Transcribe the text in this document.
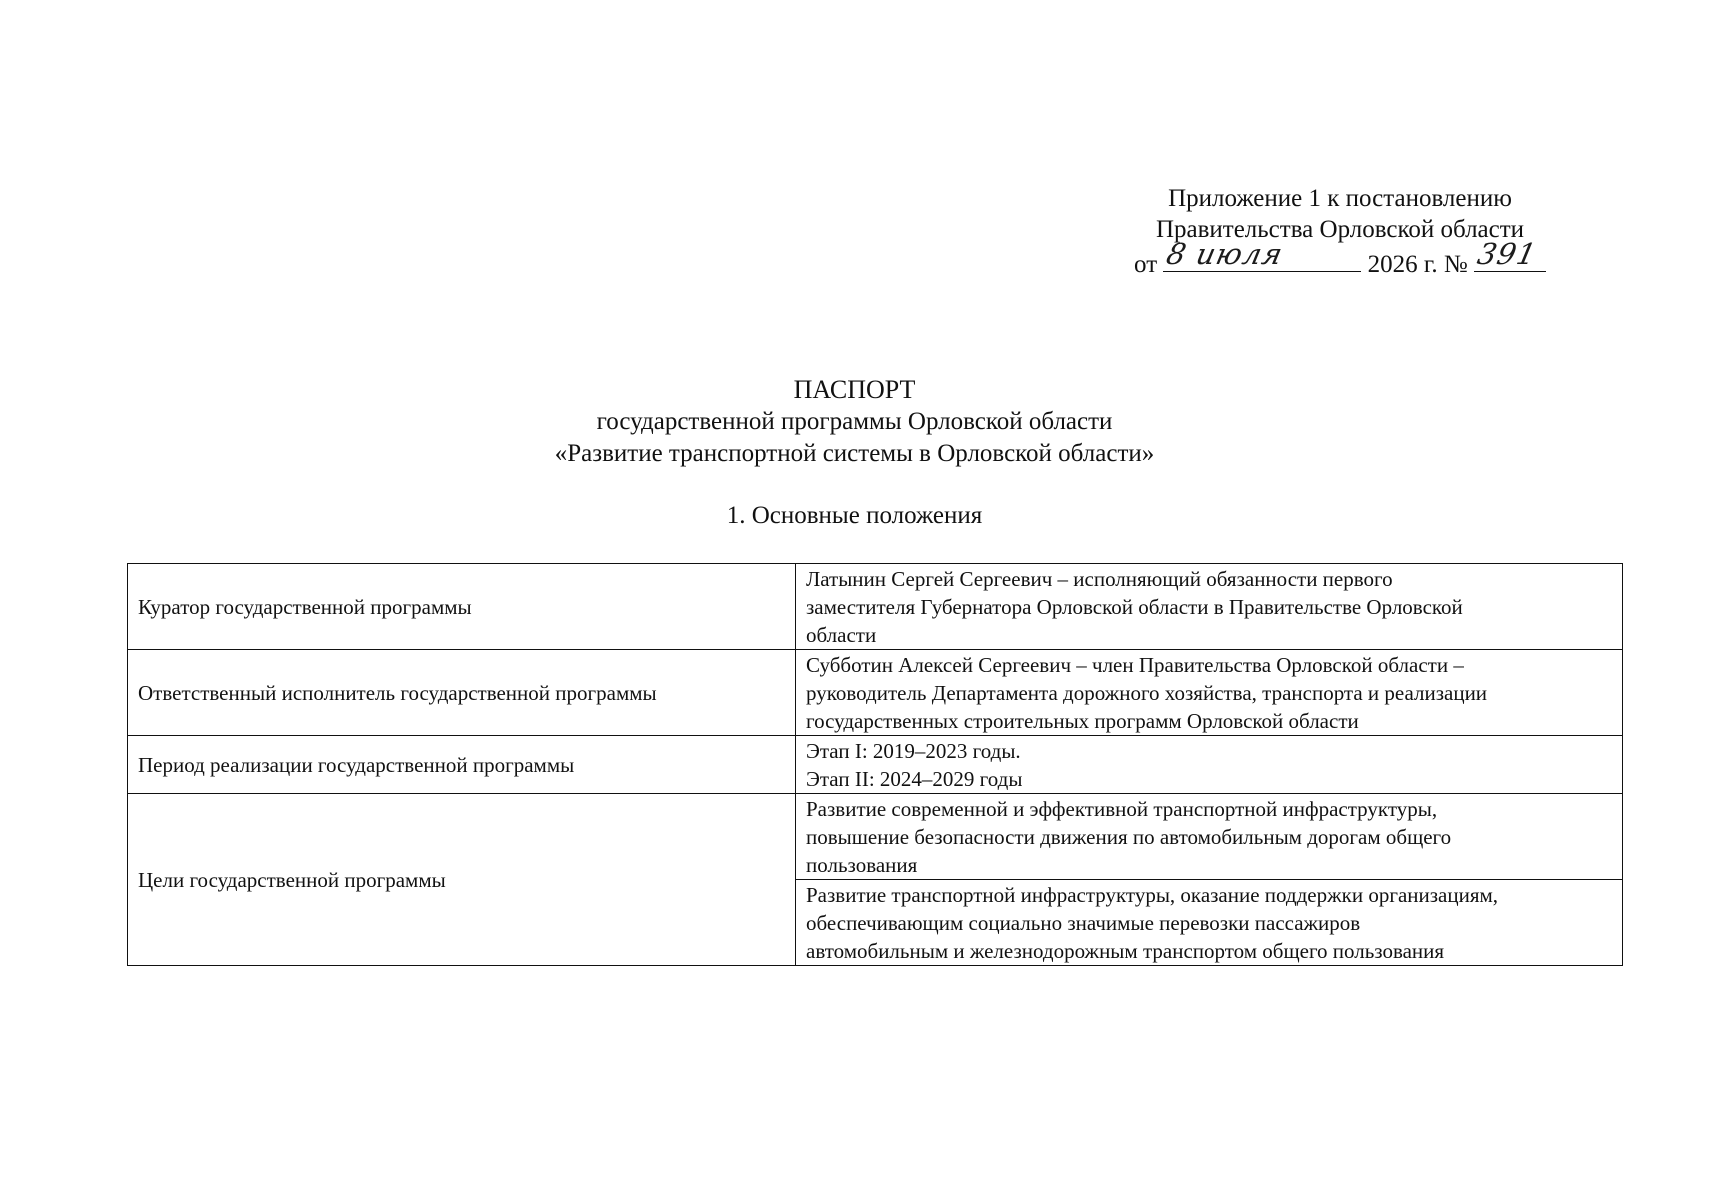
Приложение 1 к постановлению
Правительства Орловской области
от 8 июля	2026 г. № 391
ПАСПОРТ
государственной программы Орловской области
«Развитие транспортной системы в Орловской области»
1. Основные положения
Куратор государственной программы	Латынин Сергей Сергеевич – исполняющий обязанности первого
заместителя Губернатора Орловской области в Правительстве Орловской
области

Ответственный исполнитель государственной программы	Субботин Алексей Сергеевич – член Правительства Орловской области –
руководитель Департамента дорожного хозяйства, транспорта и реализации
государственных строительных программ Орловской области

Период реализации государственной программы	Этап I: 2019–2023 годы.
Этап II: 2024–2029 годы

Цели государственной программы	Развитие современной и эффективной транспортной инфраструктуры,
повышение безопасности движения по автомобильным дорогам общего
пользования

	Развитие транспортной инфраструктуры, оказание поддержки организациям,
обеспечивающим социально значимые перевозки пассажиров
автомобильным и железнодорожным транспортом общего пользования
